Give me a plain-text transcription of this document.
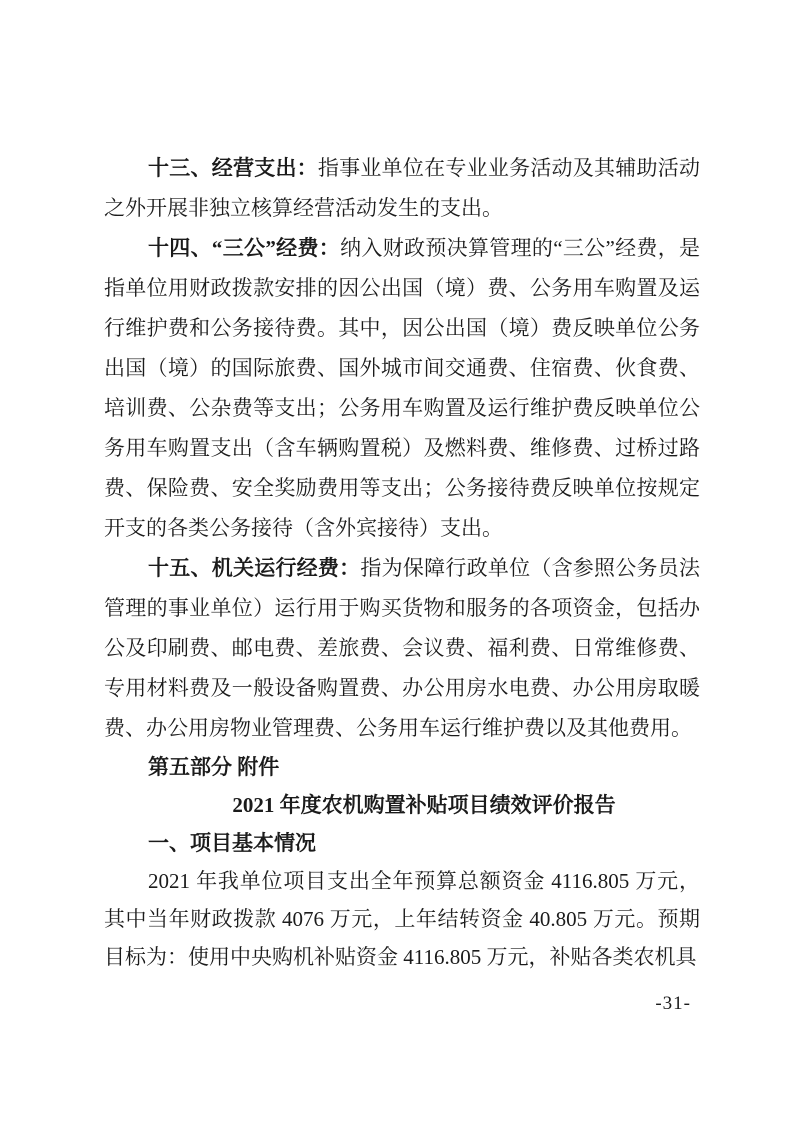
十三、经营支出：指事业单位在专业业务活动及其辅助活动之外开展非独立核算经营活动发生的支出。

十四、“三公”经费：纳入财政预决算管理的“三公”经费，是指单位用财政拨款安排的因公出国（境）费、公务用车购置及运行维护费和公务接待费。其中，因公出国（境）费反映单位公务出国（境）的国际旅费、国外城市间交通费、住宿费、伙食费、培训费、公杂费等支出；公务用车购置及运行维护费反映单位公务用车购置支出（含车辆购置税）及燃料费、维修费、过桥过路费、保险费、安全奖励费用等支出；公务接待费反映单位按规定开支的各类公务接待（含外宾接待）支出。

十五、机关运行经费：指为保障行政单位（含参照公务员法管理的事业单位）运行用于购买货物和服务的各项资金，包括办公及印刷费、邮电费、差旅费、会议费、福利费、日常维修费、专用材料费及一般设备购置费、办公用房水电费、办公用房取暖费、办公用房物业管理费、公务用车运行维护费以及其他费用。

第五部分 附件

2021 年度农机购置补贴项目绩效评价报告

一、项目基本情况

2021 年我单位项目支出全年预算总额资金 4116.805 万元，其中当年财政拨款 4076 万元，上年结转资金 40.805 万元。预期目标为：使用中央购机补贴资金 4116.805 万元，补贴各类农机具

-31-
